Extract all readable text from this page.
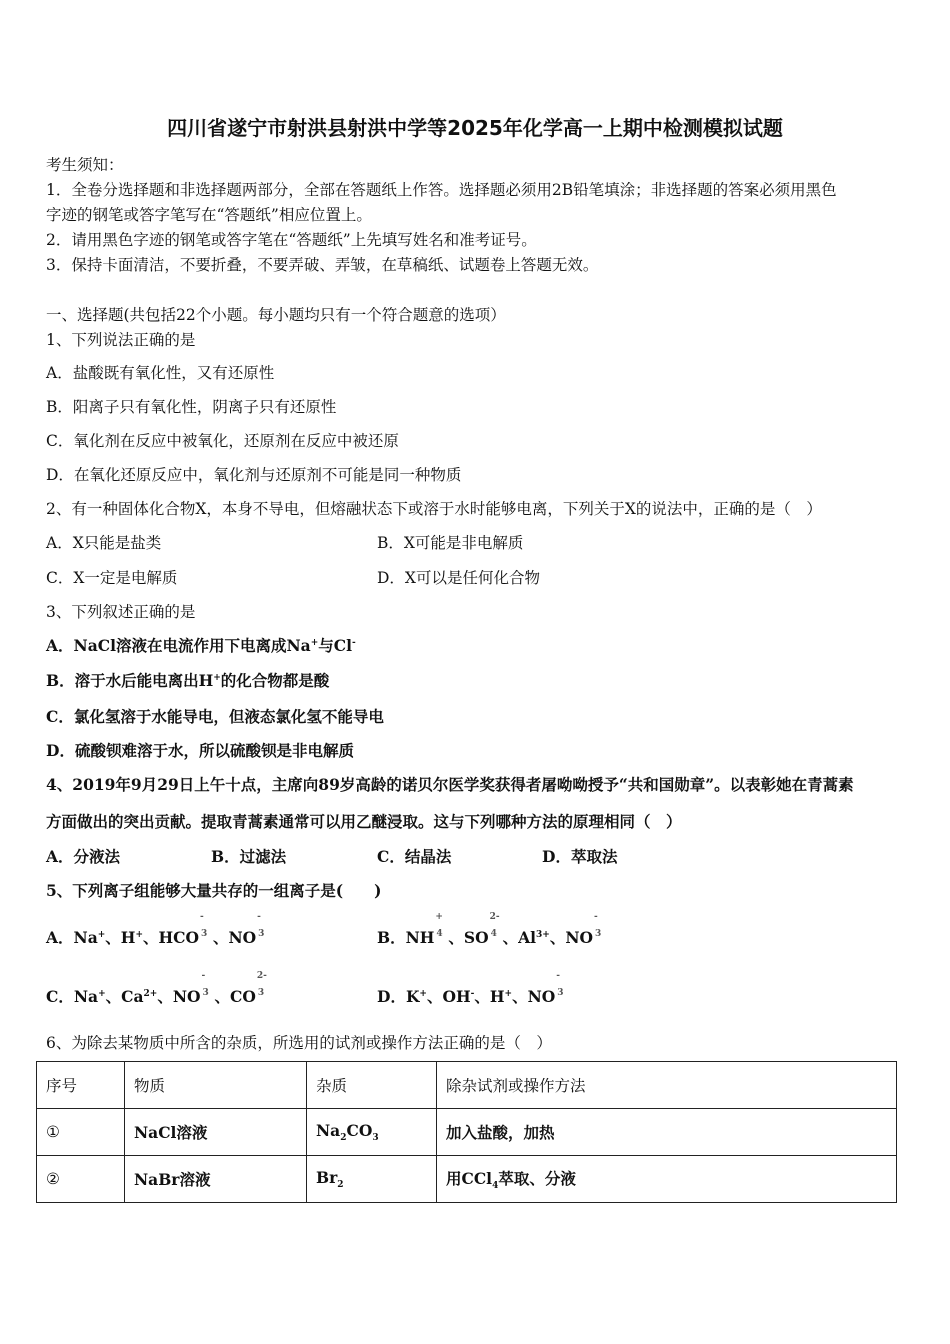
四川省遂宁市射洪县射洪中学等2025年化学高一上期中检测模拟试题
考生须知：
1．全卷分选择题和非选择题两部分，全部在答题纸上作答。选择题必须用2B铅笔填涂；非选择题的答案必须用黑色
字迹的钢笔或答字笔写在“答题纸”相应位置上。
2．请用黑色字迹的钢笔或答字笔在“答题纸”上先填写姓名和准考证号。
3．保持卡面清洁，不要折叠，不要弄破、弄皱，在草稿纸、试题卷上答题无效。
一、选择题(共包括22个小题。每小题均只有一个符合题意的选项）
1、下列说法正确的是
A．盐酸既有氧化性，又有还原性
B．阳离子只有氧化性，阴离子只有还原性
C．氧化剂在反应中被氧化，还原剂在反应中被还原
D．在氧化还原反应中，氧化剂与还原剂不可能是同一种物质
2、有一种固体化合物X，本身不导电，但熔融状态下或溶于水时能够电离，下列关于X的说法中，正确的是（　）
A．X只能是盐类	B．X可能是非电解质
C．X一定是电解质	D．X可以是任何化合物
3、下列叙述正确的是
A．NaCl溶液在电流作用下电离成Na+与Cl-
B．溶于水后能电离出H+的化合物都是酸
C．氯化氢溶于水能导电，但液态氯化氢不能导电
D．硫酸钡难溶于水，所以硫酸钡是非电解质
4、2019年9月29日上午十点，主席向89岁高龄的诺贝尔医学奖获得者屠呦呦授予“共和国勋章”。以表彰她在青蒿素
方面做出的突出贡献。提取青蒿素通常可以用乙醚浸取。这与下列哪种方法的原理相同（　）
A．分液法	B．过滤法	C．结晶法	D．萃取法
5、下列离子组能够大量共存的一组离子是(　　)
A．Na+、H+、HCO
-
3 、NO
-
3	B．NH
+
4 、SO
2-
4 、$Al^{3+}$、NO
-
3
C．Na+、$Ca^{2+}$、NO
-
3 、CO
2-
3	D．K+、OH-、H+、NO
-
3
6、为除去某物质中所含的杂质，所选用的试剂或操作方法正确的是（　）
序号	物质	杂质	除杂试剂或操作方法
①	NaCl溶液	$Na_2CO_3$	加入盐酸，加热
②	NaBr溶液	$Br_2$	用CCl$_4$萃取、分液
